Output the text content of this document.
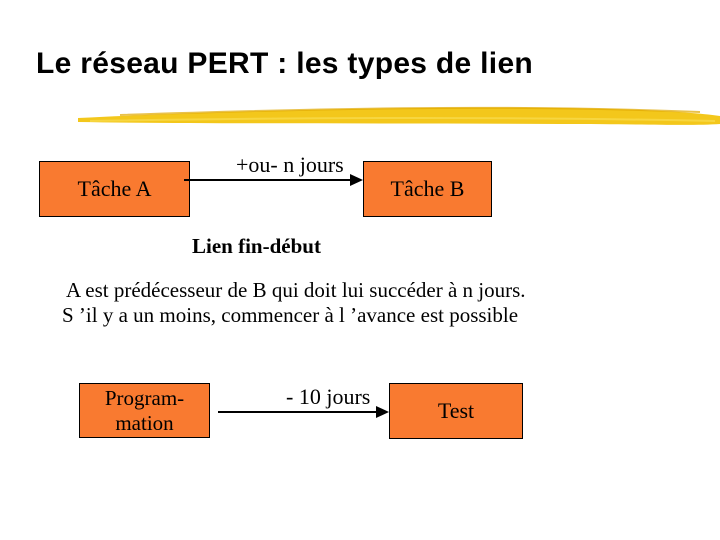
Le réseau PERT : les types de lien
Tâche A	Tâche B
+ou- n jours
Lien fin-début
A est prédécesseur de B qui doit lui succéder à n jours.
S ’il y a un moins, commencer à l ’avance est possible
Program-
mation	Test
- 10 jours
